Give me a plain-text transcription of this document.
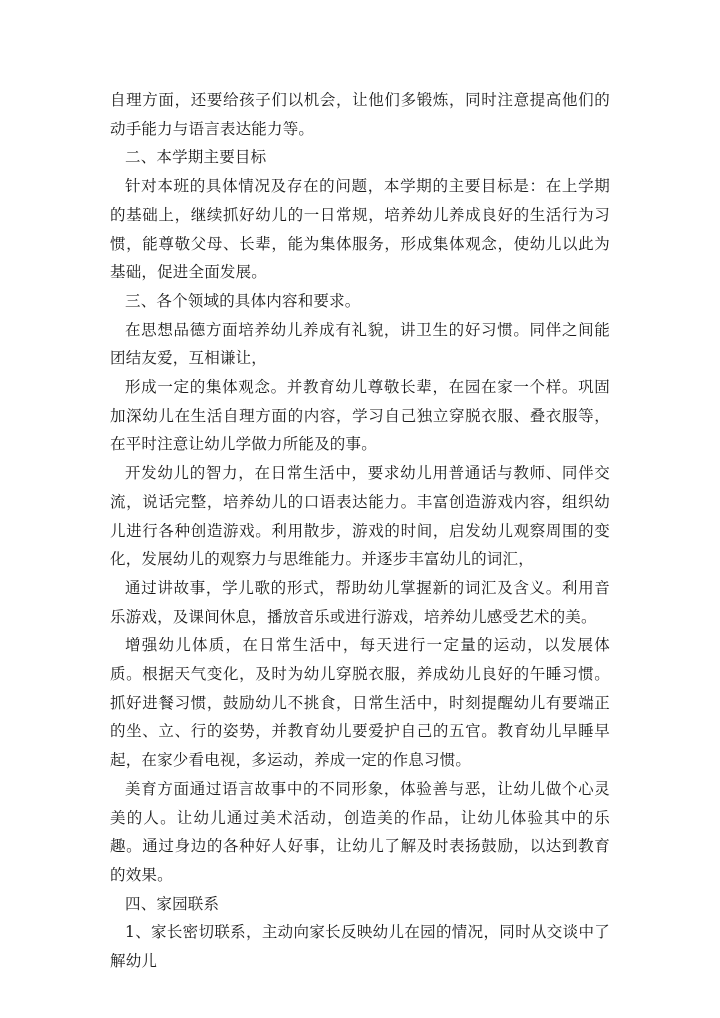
自理方面，还要给孩子们以机会，让他们多锻炼，同时注意提高他们的动手能力与语言表达能力等。

二、本学期主要目标

针对本班的具体情况及存在的问题，本学期的主要目标是：在上学期的基础上，继续抓好幼儿的一日常规，培养幼儿养成良好的生活行为习惯，能尊敬父母、长辈，能为集体服务，形成集体观念，使幼儿以此为基础，促进全面发展。

三、各个领域的具体内容和要求。

在思想品德方面培养幼儿养成有礼貌，讲卫生的好习惯。同伴之间能团结友爱，互相谦让，

形成一定的集体观念。并教育幼儿尊敬长辈，在园在家一个样。巩固加深幼儿在生活自理方面的内容，学习自己独立穿脱衣服、叠衣服等，在平时注意让幼儿学做力所能及的事。

开发幼儿的智力，在日常生活中，要求幼儿用普通话与教师、同伴交流，说话完整，培养幼儿的口语表达能力。丰富创造游戏内容，组织幼儿进行各种创造游戏。利用散步，游戏的时间，启发幼儿观察周围的变化，发展幼儿的观察力与思维能力。并逐步丰富幼儿的词汇，

通过讲故事，学儿歌的形式，帮助幼儿掌握新的词汇及含义。利用音乐游戏，及课间休息，播放音乐或进行游戏，培养幼儿感受艺术的美。

增强幼儿体质，在日常生活中，每天进行一定量的运动，以发展体质。根据天气变化，及时为幼儿穿脱衣服，养成幼儿良好的午睡习惯。抓好进餐习惯，鼓励幼儿不挑食，日常生活中，时刻提醒幼儿有要端正的坐、立、行的姿势，并教育幼儿要爱护自己的五官。教育幼儿早睡早起，在家少看电视，多运动，养成一定的作息习惯。

美育方面通过语言故事中的不同形象，体验善与恶，让幼儿做个心灵美的人。让幼儿通过美术活动，创造美的作品，让幼儿体验其中的乐趣。通过身边的各种好人好事，让幼儿了解及时表扬鼓励，以达到教育的效果。

四、家园联系

1、家长密切联系，主动向家长反映幼儿在园的情况，同时从交谈中了解幼儿
